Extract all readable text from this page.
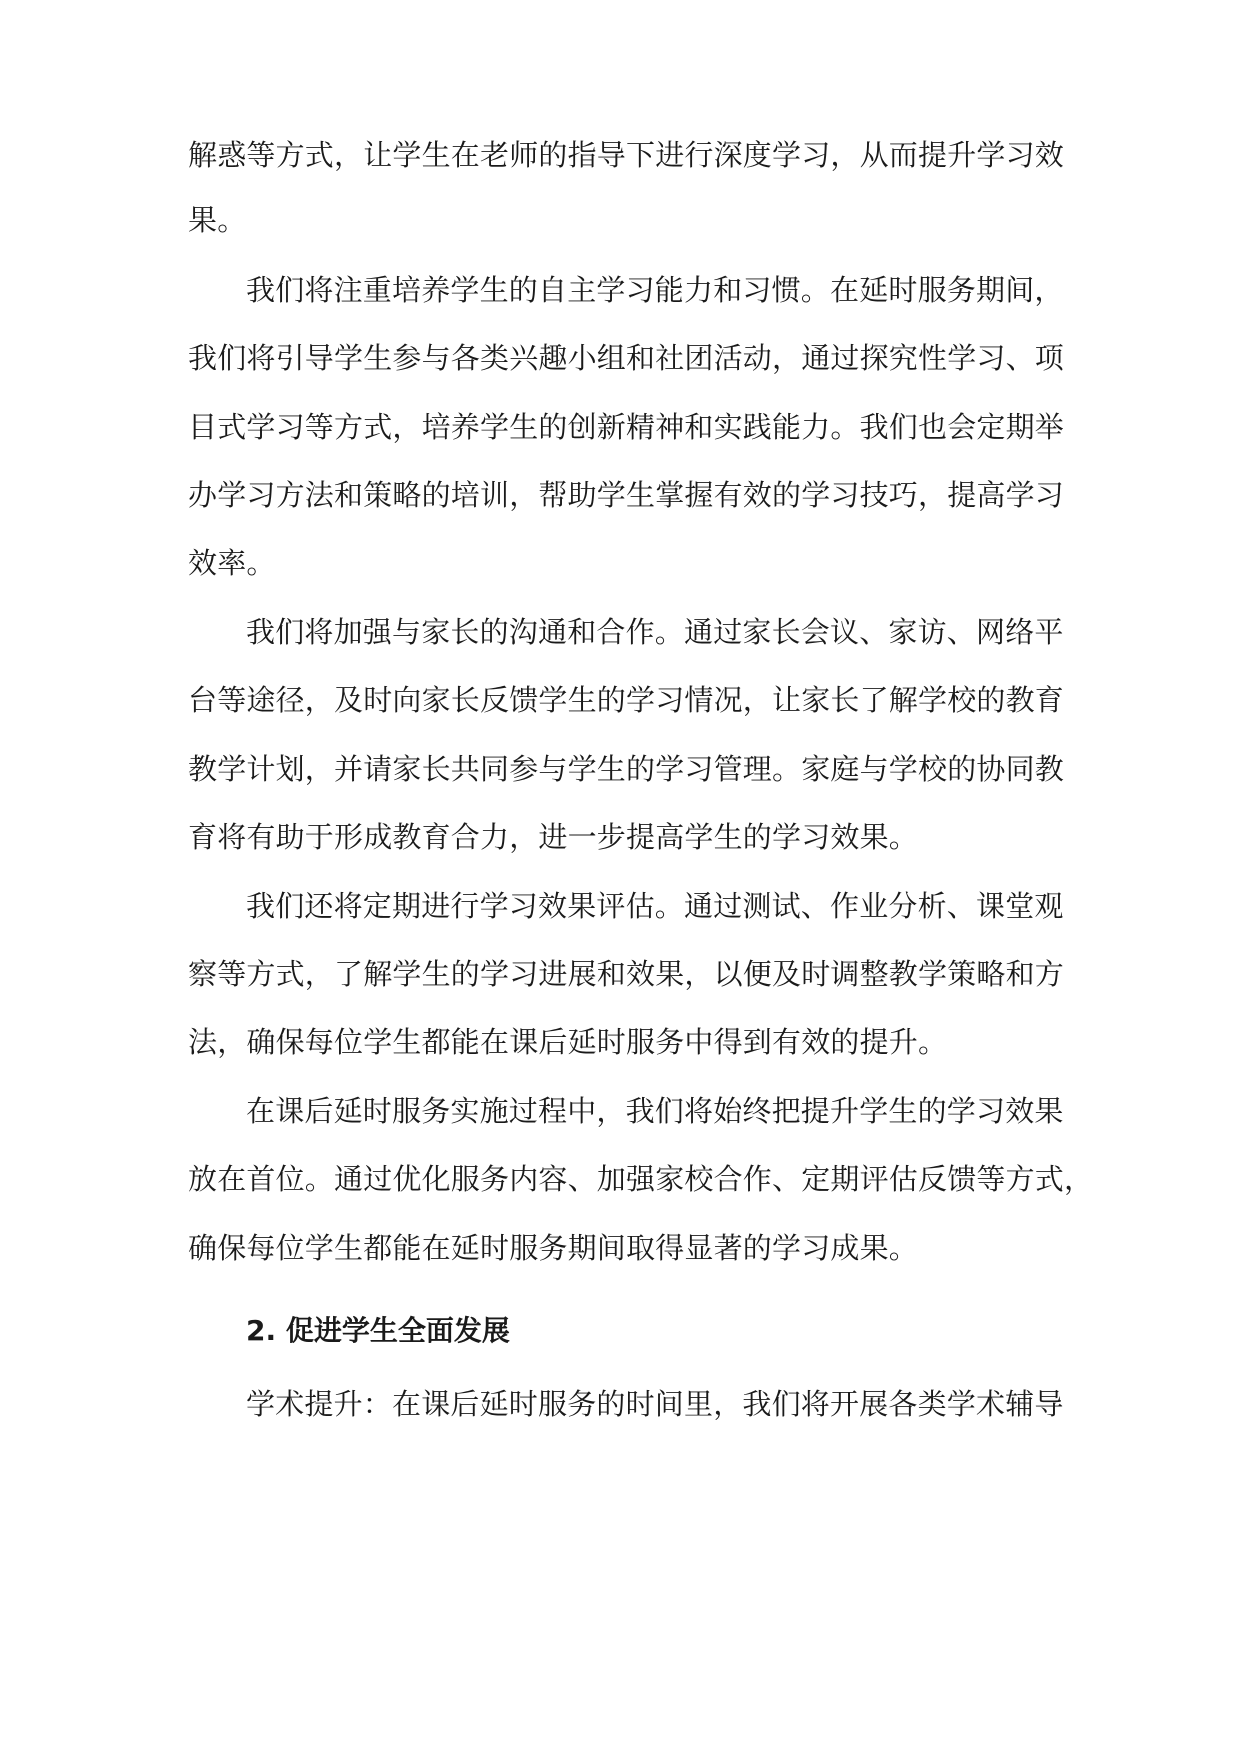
解惑等方式，让学生在老师的指导下进行深度学习，从而提升学习效
果。
我们将注重培养学生的自主学习能力和习惯。在延时服务期间，
我们将引导学生参与各类兴趣小组和社团活动，通过探究性学习、项
目式学习等方式，培养学生的创新精神和实践能力。我们也会定期举
办学习方法和策略的培训，帮助学生掌握有效的学习技巧，提高学习
效率。
我们将加强与家长的沟通和合作。通过家长会议、家访、网络平
台等途径，及时向家长反馈学生的学习情况，让家长了解学校的教育
教学计划，并请家长共同参与学生的学习管理。家庭与学校的协同教
育将有助于形成教育合力，进一步提高学生的学习效果。
我们还将定期进行学习效果评估。通过测试、作业分析、课堂观
察等方式，了解学生的学习进展和效果，以便及时调整教学策略和方
法，确保每位学生都能在课后延时服务中得到有效的提升。
在课后延时服务实施过程中，我们将始终把提升学生的学习效果
放在首位。通过优化服务内容、加强家校合作、定期评估反馈等方式，
确保每位学生都能在延时服务期间取得显著的学习成果。
2. 促进学生全面发展
学术提升：在课后延时服务的时间里，我们将开展各类学术辅导
